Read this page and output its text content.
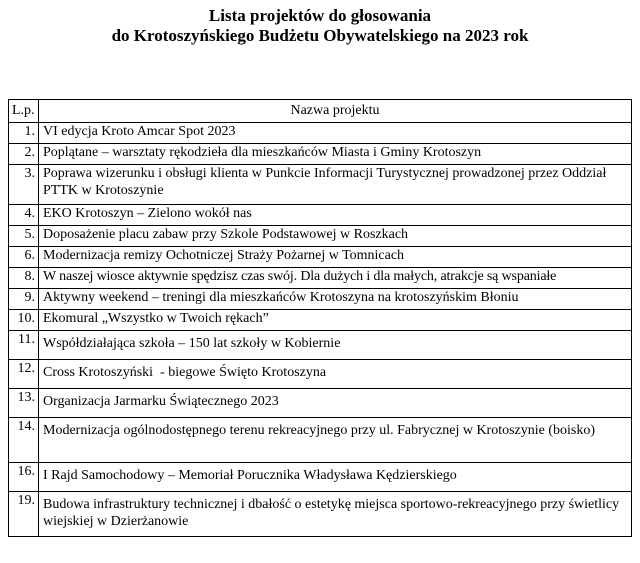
Lista projektów do głosowania
do Krotoszyńskiego Budżetu Obywatelskiego na 2023 rok
L.p.	Nazwa projektu
1.	VI edycja Kroto Amcar Spot 2023
2.	Poplątane – warsztaty rękodzieła dla mieszkańców Miasta i Gminy Krotoszyn
3.	Poprawa wizerunku i obsługi klienta w Punkcie Informacji Turystycznej prowadzonej przez Oddział PTTK w Krotoszynie
4.	EKO Krotoszyn – Zielono wokół nas
5.	Doposażenie placu zabaw przy Szkole Podstawowej w Roszkach
6.	Modernizacja remizy Ochotniczej Straży Pożarnej w Tomnicach
8.	W naszej wiosce aktywnie spędzisz czas swój. Dla dużych i dla małych, atrakcje są wspaniałe
9.	Aktywny weekend – treningi dla mieszkańców Krotoszyna na krotoszyńskim Błoniu
10.	Ekomural „Wszystko w Twoich rękach”
11.	Współdziałająca szkoła – 150 lat szkoły w Kobiernie
12.	Cross Krotoszyński  - biegowe Święto Krotoszyna
13.	Organizacja Jarmarku Świątecznego 2023
14.	Modernizacja ogólnodostępnego terenu rekreacyjnego przy ul. Fabrycznej w Krotoszynie (boisko)
16.	I Rajd Samochodowy – Memoriał Porucznika Władysława Kędzierskiego
19.	Budowa infrastruktury technicznej i dbałość o estetykę miejsca sportowo-rekreacyjnego przy świetlicy wiejskiej w Dzierżanowie
